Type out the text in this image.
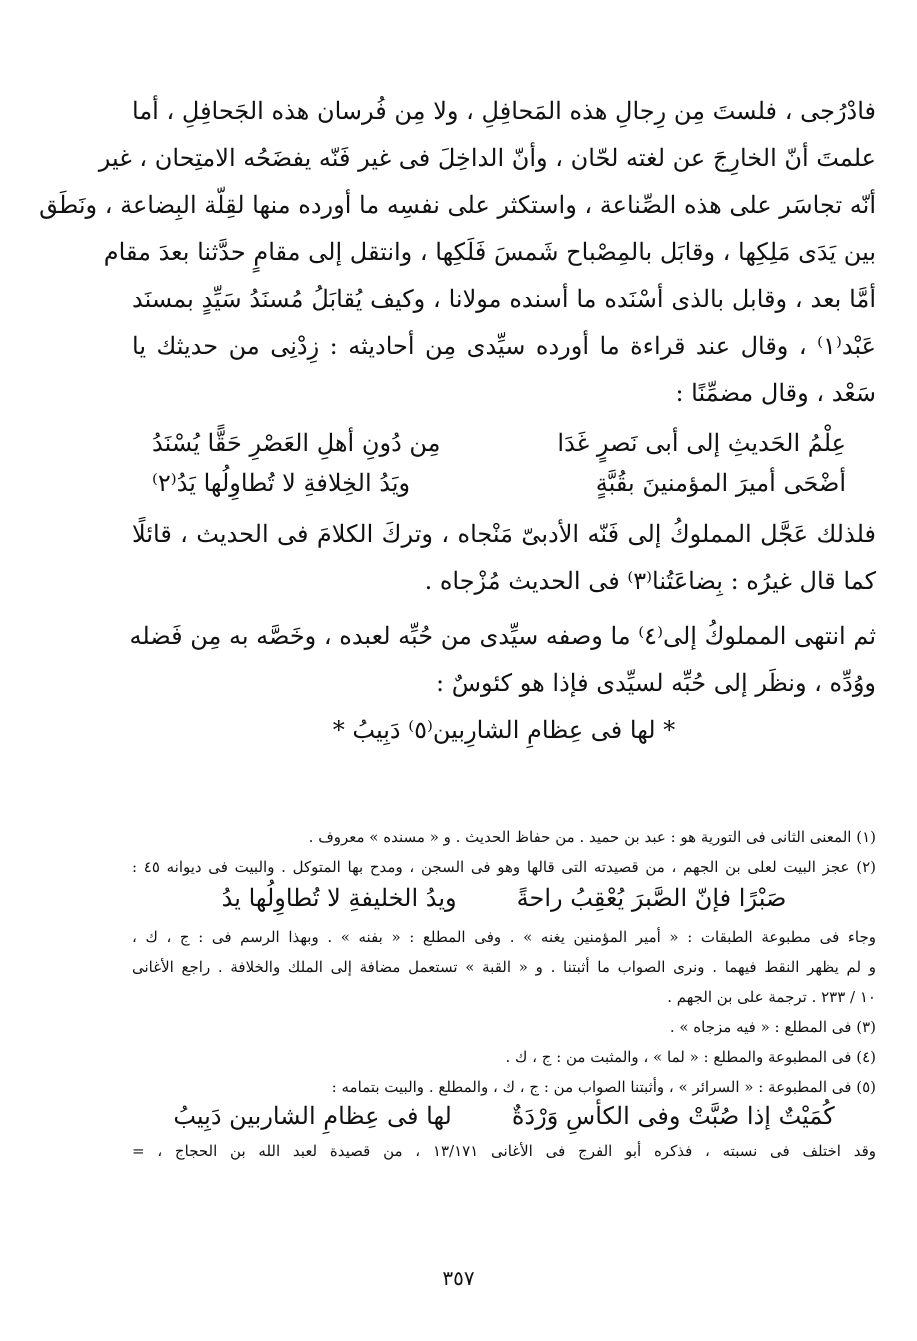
فادْرُجى ، فلستَ مِن رِجالِ هذه المَحافِلِ ، ولا مِن فُرسان هذه الجَحافِلِ ، أما
علمتَ أنّ الخارِجَ عن لغته لحّان ، وأنّ الداخِلَ فى غير فَنّه يفضَحُه الامتِحان ، غير
أنّه تجاسَر على هذه الصِّناعة ، واستكثر على نفسِه ما أورده منها لقِلّة البِضاعة ، ونَطَق
بين يَدَى مَلِكِها ، وقابَل بالمِصْباح شَمسَ فَلَكِها ، وانتقل إلى مقامٍ حدَّثنا بعدَ مقام
أمَّا بعد ، وقابل بالذى أسْنَده ما أسنده مولانا ، وكيف يُقابَلُ مُسنَدُ سَيِّدٍ بمسنَد
عَبْد⁽١⁾ ، وقال عند قراءة ما أورده سيِّدى مِن أحاديثه : زِدْنِى من حديثك يا
سَعْد ، وقال مضمِّنًا :
عِلْمُ الحَديثِ إلى أبى نَصرٍ غَدَا
مِن دُونِ أهلِ العَصْرِ حَقًّا يُسْنَدُ
أضْحَى أميرَ المؤمنينَ بقُبَّةٍ
ويَدُ الخِلافةِ لا تُطاوِلُها يَدُ⁽٢⁾
فلذلك عَجَّل المملوكُ إلى فَنّه الأدبىّ مَنْجاه ، وتركَ الكلامَ فى الحديث ، قائلًا
كما قال غيرُه : بِضاعَتُنا⁽٣⁾ فى الحديث مُزْجاه .
ثم انتهى المملوكُ إلى⁽٤⁾ ما وصفه سيِّدى من حُبِّه لعبده ، وخَصَّه به مِن فَضله
ووُدِّه ، ونظَر إلى حُبِّه لسيِّدى فإذا هو كئوسٌ :
* لها فى عِظامِ الشارِبين⁽٥⁾ دَبِيبُ *
(١) المعنى الثانى فى التورية هو : عبد بن حميد . من حفاظ الحديث . و « مسنده » معروف .
(٢) عجز البيت لعلى بن الجهم ، من قصيدته التى قالها وهو فى السجن ، ومدح بها المتوكل . والبيت فى ديوانه ٤٥ :
صَبْرًا فإنّ الصَّبرَ يُعْقِبُ راحةً
ويدُ الخليفةِ لا تُطاوِلُها يدُ
وجاء فى مطبوعة الطبقات : « أمير المؤمنين يغنه » . وفى المطلع : « بفنه » . وبهذا الرسم فى : ج ، ك ،
و لم يظهر النقط فيهما . ونرى الصواب ما أثبتنا . و « القبة » تستعمل مضافة إلى الملك والخلافة . راجع الأغانى
١٠ / ٢٣٣ . ترجمة على بن الجهم .
(٣) فى المطلع : « فيه مزجاه » .
(٤) فى المطبوعة والمطلع : « لما » ، والمثبت من : ج ، ك .
(٥) فى المطبوعة : « السرائر » ، وأثبتنا الصواب من : ج ، ك ، والمطلع . والبيت بتمامه :
كُمَيْتٌ إذا صُبَّتْ وفى الكأسِ وَرْدَةٌ
لها فى عِظامِ الشاربين دَبِيبُ
وقد اختلف فى نسبته ، فذكره أبو الفرج فى الأغانى ١٣/١٧١ ، من قصيدة لعبد الله بن الحجاج ، =
٣٥٧
